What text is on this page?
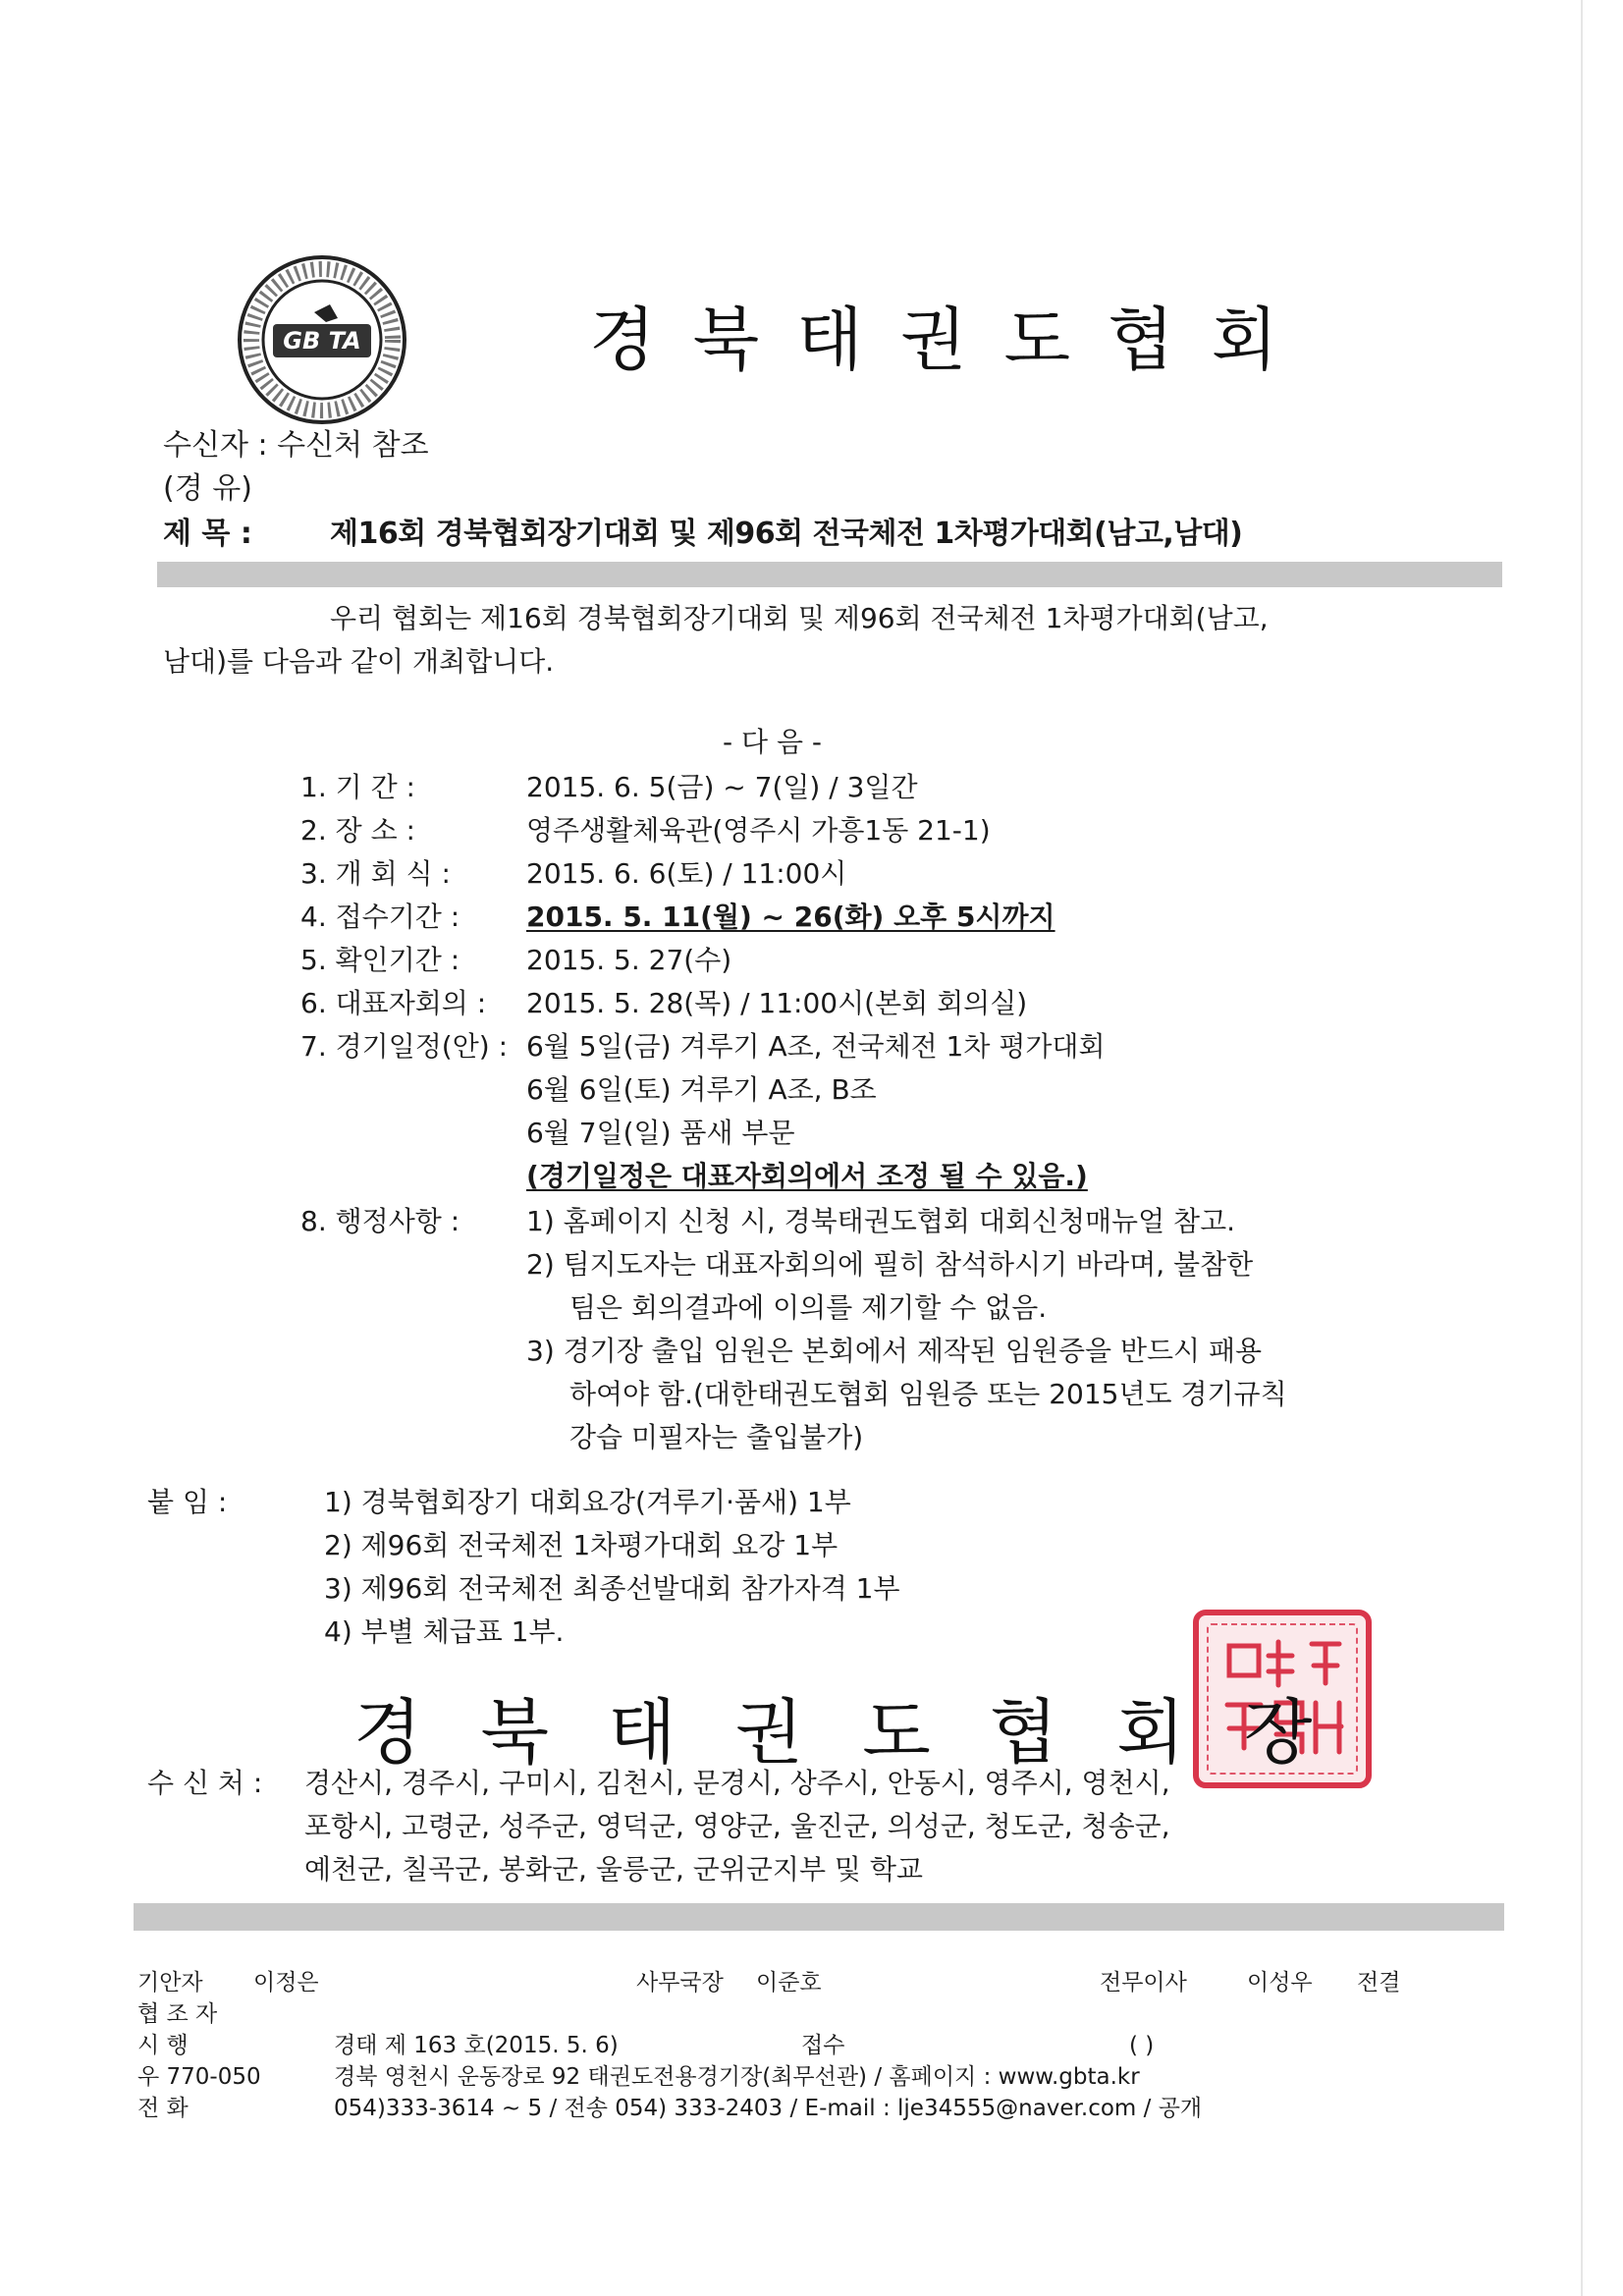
GB TA	경북태권도협회
수신자 : 수신처 참조
(경 유)
제 목 :	제16회 경북협회장기대회 및 제96회 전국체전 1차평가대회(남고,남대)
우리 협회는 제16회 경북협회장기대회 및 제96회 전국체전 1차평가대회(남고,
남대)를 다음과 같이 개최합니다.
- 다 음 -
1. 기 간 :	2015. 6. 5(금) ~ 7(일) / 3일간
2. 장 소 :	영주생활체육관(영주시 가흥1동 21-1)
3. 개 회 식 :	2015. 6. 6(토) / 11:00시
4. 접수기간 : 2015. 5. 11(월) ~ 26(화) 오후 5시까지
5. 확인기간 : 2015. 5. 27(수)
6. 대표자회의 : 2015. 5. 28(목) / 11:00시(본회 회의실)
7. 경기일정(안) : 6월 5일(금) 겨루기 A조, 전국체전 1차 평가대회
6월 6일(토) 겨루기 A조, B조
6월 7일(일) 품새 부문
(경기일정은 대표자회의에서 조정 될 수 있음.)
8. 행정사항 : 1) 홈페이지 신청 시, 경북태권도협회 대회신청매뉴얼 참고.
2) 팀지도자는 대표자회의에 필히 참석하시기 바라며, 불참한
팀은 회의결과에 이의를 제기할 수 없음.
3) 경기장 출입 임원은 본회에서 제작된 임원증을 반드시 패용
하여야 함.(대한태권도협회 임원증 또는 2015년도 경기규칙
강습 미필자는 출입불가)
붙 임 :	1) 경북협회장기 대회요강(겨루기·품새) 1부
2) 제96회 전국체전 1차평가대회 요강 1부
3) 제96회 전국체전 최종선발대회 참가자격 1부
4) 부별 체급표 1부.
경북태권도협회장
수 신 처 : 경산시, 경주시, 구미시, 김천시, 문경시, 상주시, 안동시, 영주시, 영천시,
포항시, 고령군, 성주군, 영덕군, 영양군, 울진군, 의성군, 청도군, 청송군,
예천군, 칠곡군, 봉화군, 울릉군, 군위군지부 및 학교
기안자 이정은	사무국장 이준호	전무이사	이성우 전결
협 조 자
시 행	경태 제 163 호(2015. 5. 6)	접수	( )
우 770-050	경북 영천시 운동장로 92 태권도전용경기장(최무선관) / 홈페이지 : www.gbta.kr
전 화	054)333-3614 ~ 5 / 전송 054) 333-2403 / E-mail : lje34555@naver.com / 공개
